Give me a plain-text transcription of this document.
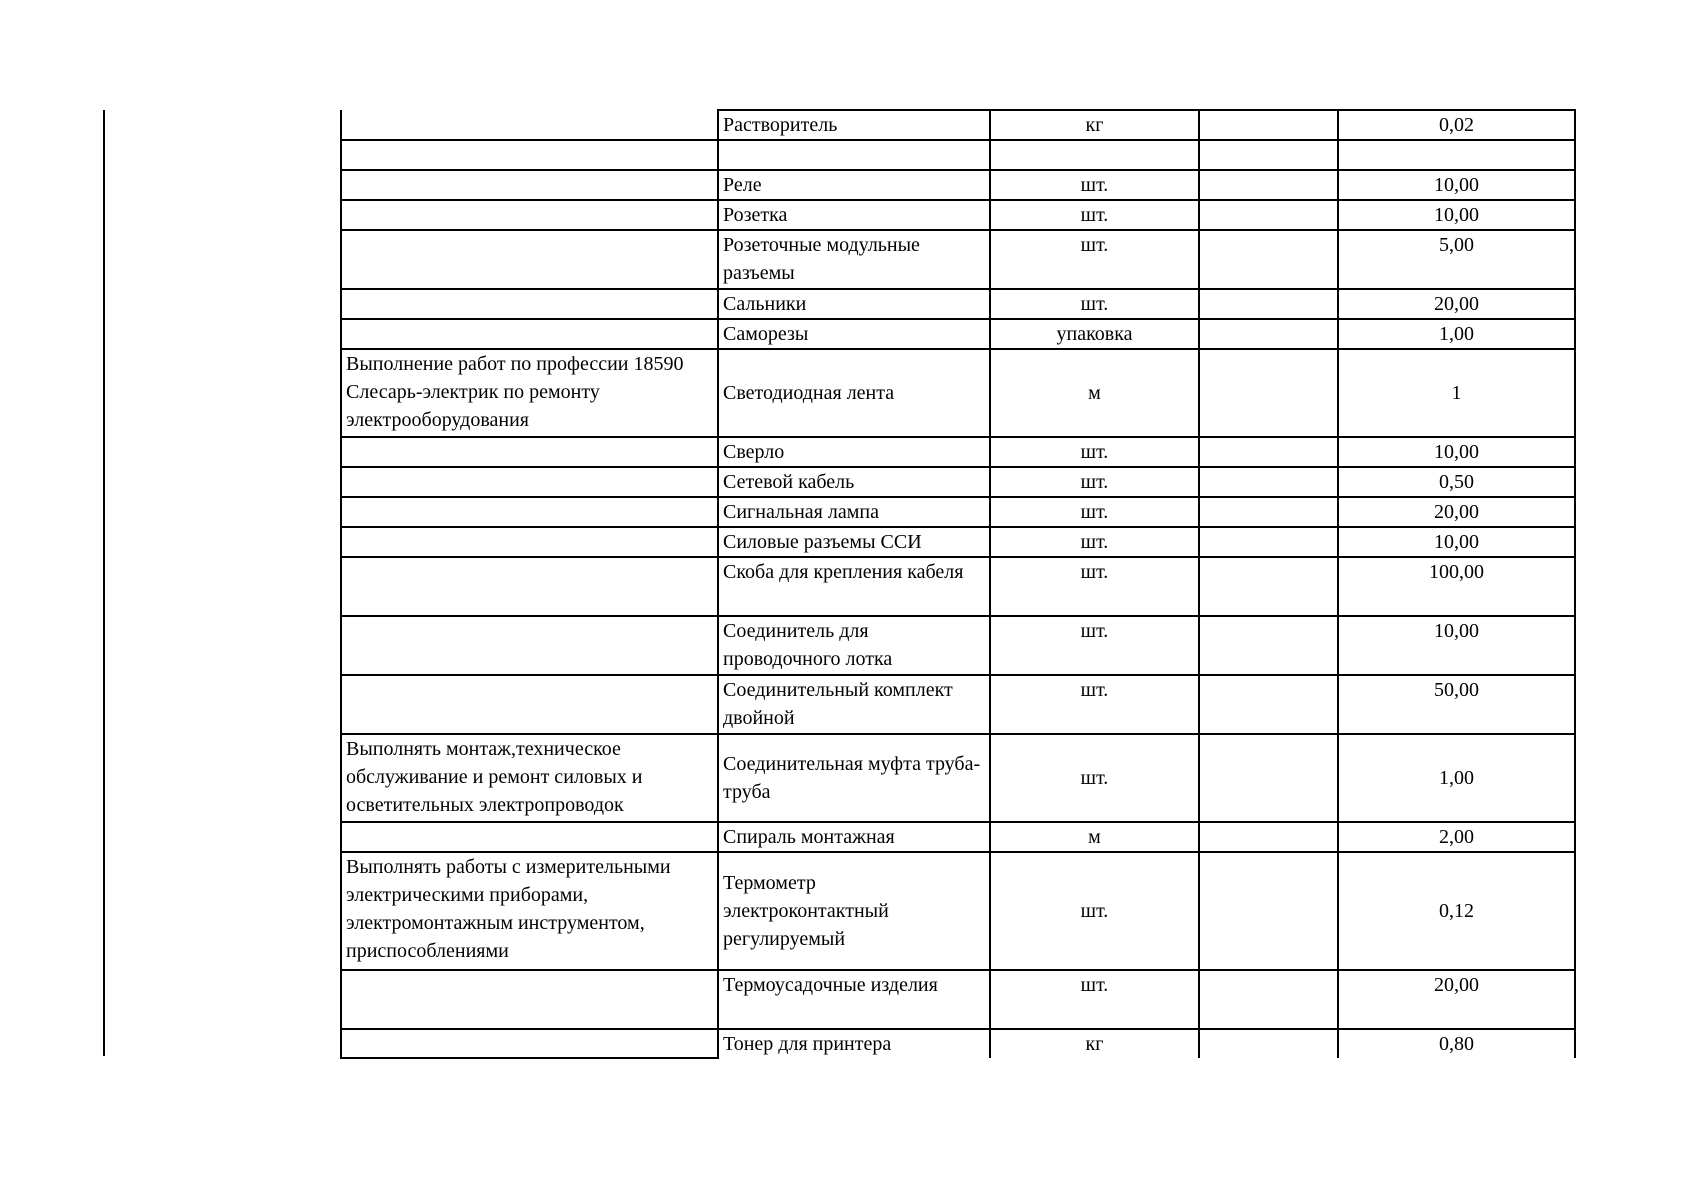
	Растворитель	кг		0,02

	Реле	шт.		10,00
	Розетка	шт.		10,00
	Розеточные модульные разъемы	шт.		5,00
	Сальники	шт.		20,00
	Саморезы	упаковка		1,00
Выполнение работ по профессии 18590 Слесарь-электрик по ремонту электрооборудования	Светодиодная лента	м		1
	Сверло	шт.		10,00
	Сетевой кабель	шт.		0,50
	Сигнальная лампа	шт.		20,00
	Силовые разъемы ССИ	шт.		10,00
	Скоба для крепления кабеля	шт.		100,00
	Соединитель для проводочного лотка	шт.		10,00
	Соединительный комплект двойной	шт.		50,00
Выполнять монтаж,техническое обслуживание и ремонт силовых и осветительных электропроводок	Соединительная муфта труба-труба	шт.		1,00
	Спираль монтажная	м		2,00
Выполнять работы с измерительными электрическими приборами, электромонтажным инструментом, приспособлениями	Термометр электроконтактный регулируемый	шт.		0,12
	Термоусадочные изделия	шт.		20,00
	Тонер для принтера	кг		0,80
